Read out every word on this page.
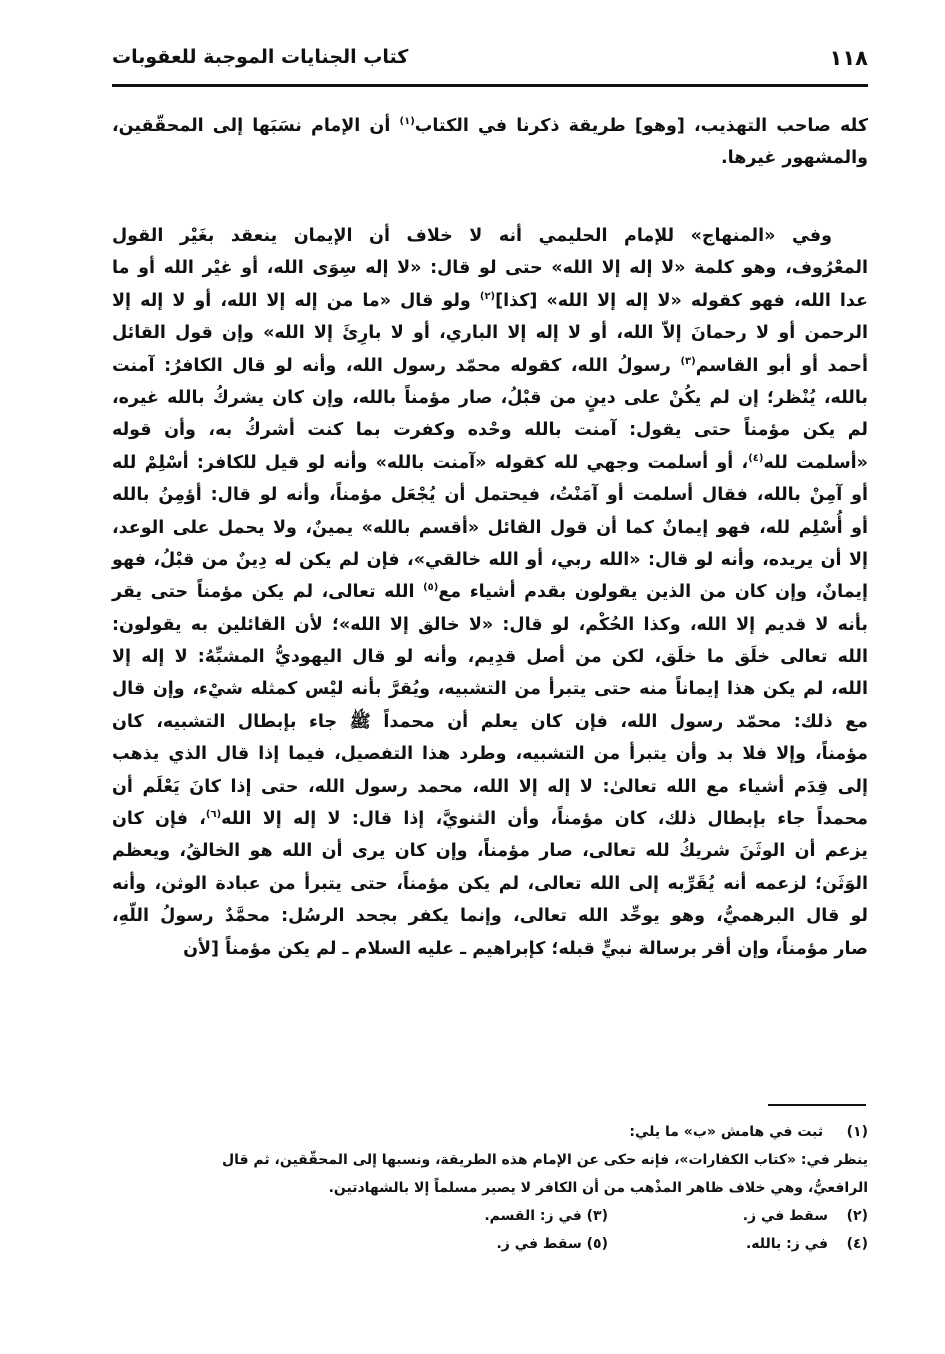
١١٨
كتاب الجنايات الموجبة للعقوبات
كله صاحب التهذيب، [وهو] طريقة ذكرنا في الكتاب$^{(١)}$ أن الإمام نسَبَها إلى المحقّقين،
والمشهور غيرها.
وفي «المنهاج» للإمام الحليمي أنه لا خلاف أن الإيمان ينعقد بغَيْر القول
المعْرُوف، وهو كلمة «لا إله إلا الله» حتى لو قال: «لا إله سِوَى الله، أو غيْر الله أو ما
عدا الله، فهو كقوله «لا إله إلا الله» [كذا]$^{(٢)}$ ولو قال «ما من إله إلا الله، أو لا إله إلا
الرحمن أو لا رحمانَ إلاّ الله، أو لا إله إلا الباري، أو لا بارِئَ إلا الله» وإن قول القائل
أحمد أو أبو القاسم$^{(٣)}$ رسولُ الله، كقوله محمّد رسول الله، وأنه لو قال الكافرُ: آمنت
بالله، يُنْظر؛ إن لم يكُنْ على دينٍ من قبْلُ، صار مؤمناً بالله، وإن كان يشركُ بالله غيره،
لم يكن مؤمناً حتى يقول: آمنت بالله وحْده وكفرت بما كنت أشركُ به، وأن قوله
«أسلمت لله$^{(٤)}$، أو أسلمت وجهي لله كقوله «آمنت بالله» وأنه لو قيل للكافر: أسْلِمْ لله
أو آمِنْ بالله، فقال أسلمت أو آمَنْتُ، فيحتمل أن يُجْعَل مؤمناً، وأنه لو قال: أؤمِنُ بالله
أو أُسْلِم لله، فهو إيمانٌ كما أن قول القائل «أقسم بالله» يمينٌ، ولا يحمل على الوعد،
إلا أن يريده، وأنه لو قال: «الله ربي، أو الله خالقي»، فإن لم يكن له دِينٌ من قبْلُ، فهو
إيمانٌ، وإن كان من الذين يقولون بقدم أشياء مع$^{(٥)}$ الله تعالى، لم يكن مؤمناً حتى يقر
بأنه لا قديم إلا الله، وكذا الحُكْم، لو قال: «لا خالق إلا الله»؛ لأن القائلين به يقولون:
الله تعالى خلَق ما خلَق، لكن من أصل قدِيم، وأنه لو قال اليهوديُّ المشبِّهُ: لا إله إلا
الله، لم يكن هذا إيماناً منه حتى يتبرأ من التشبيه، ويُقرَّ بأنه ليْس كمثله شيْء، وإن قال
مع ذلك: محمّد رسول الله، فإن كان يعلم أن محمداً ﷺ جاء بإبطال التشبيه، كان
مؤمناً، وإلا فلا بد وأن يتبرأ من التشبيه، وطرد هذا التفصيل، فيما إذا قال الذي يذهب
إلى قِدَم أشياء مع الله تعالىٰ: لا إله إلا الله، محمد رسول الله، حتى إذا كانَ يَعْلَم أن
محمداً جاء بإبطال ذلك، كان مؤمناً، وأن الثنويَّ، إذا قال: لا إله إلا الله$^{(٦)}$، فإن كان
يزعم أن الوثَنَ شريكُ لله تعالى، صار مؤمناً، وإن كان يرى أن الله هو الخالقُ، ويعظم
الوَثَن؛ لزعمه أنه يُقَرِّبه إلى الله تعالى، لم يكن مؤمناً، حتى يتبرأ من عبادة الوثن، وأنه
لو قال البرهميُّ، وهو يوحِّد الله تعالى، وإنما يكفر بجحد الرسُل: محمَّدٌ رسولُ اللّهِ،
صار مؤمناً، وإن أقر برسالة نبيٍّ قبله؛ كإبراهيم ـ عليه السلام ـ لم يكن مؤمناً [لأن
(١) ثبت في هامش «ب» ما يلي:
ينظر في: «كتاب الكفارات»، فإنه حكى عن الإمام هذه الطريقة، ونسبها إلى المحقّقين، ثم قال
الرافعيُّ، وهي خلاف ظاهر المذْهب من أن الكافر لا يصير مسلماً إلا بالشهادتين.
(٢)سقط في ز.
(٣) في ز: القسم.
(٤)في ز: بالله.
(٥) سقط في ز.
